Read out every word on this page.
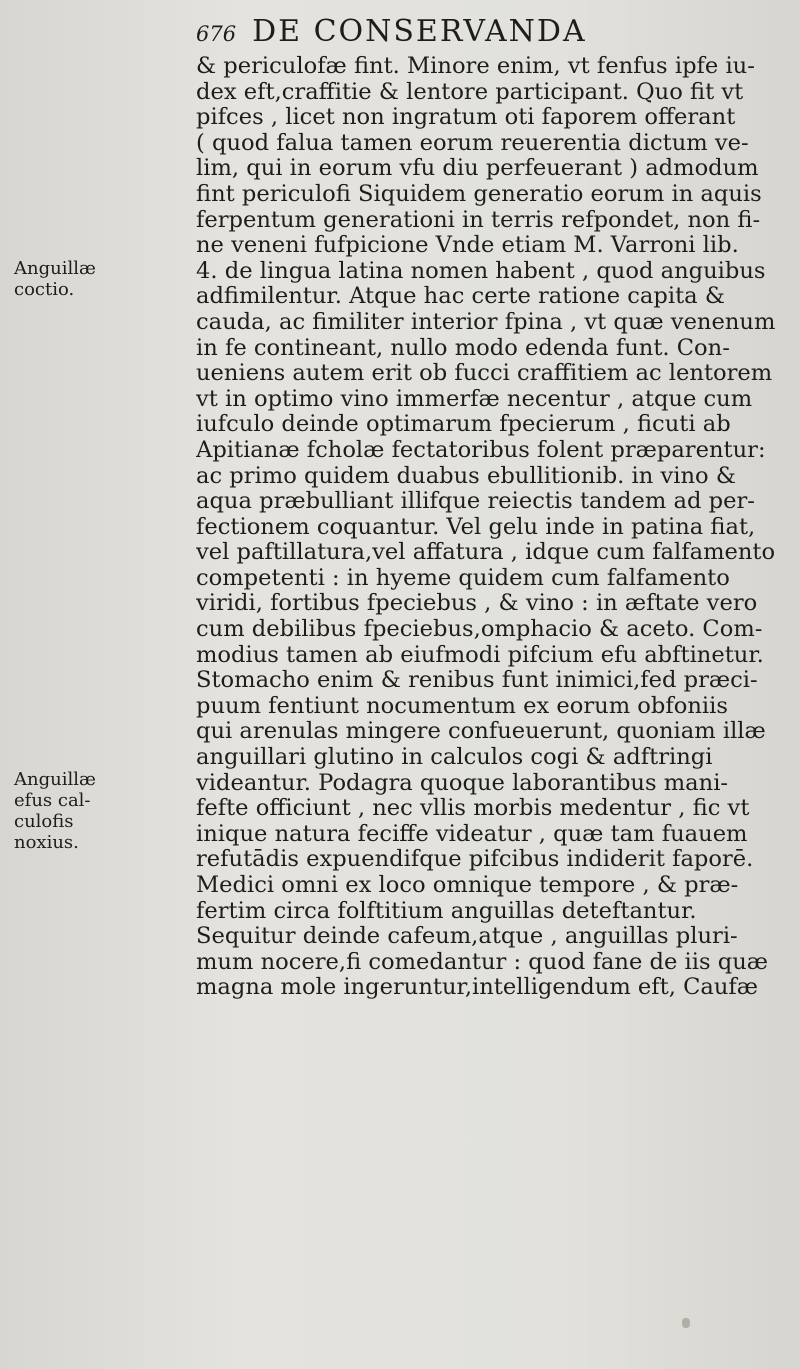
676 DE CONSERVANDA
& periculofæ fint. Minore enim, vt fenfus ipfe iu-
dex eft,craffitie & lentore participant. Quo fit vt
pifces , licet non ingratum oti faporem offerant
( quod falua tamen eorum reuerentia dictum ve-
lim, qui in eorum vfu diu perfeuerant ) admodum
fint periculofi Siquidem generatio eorum in aquis
ferpentum generationi in terris refpondet, non fi-
ne veneni fufpicione Vnde etiam M. Varroni lib.
4. de lingua latina nomen habent , quod anguibus
adfimilentur. Atque hac certe ratione capita &
cauda, ac fimiliter interior fpina , vt quæ venenum
in fe contineant, nullo modo edenda funt. Con-
ueniens autem erit ob fucci craffitiem ac lentorem
vt in optimo vino immerfæ necentur , atque cum
iufculo deinde optimarum fpecierum , ficuti ab
Apitianæ fcholæ fectatoribus folent præparentur:
ac primo quidem duabus ebullitionib. in vino &
aqua præbulliant illifque reiectis tandem ad per-
fectionem coquantur. Vel gelu inde in patina fiat,
vel paftillatura,vel affatura , idque cum falfamento
competenti : in hyeme quidem cum falfamento
viridi, fortibus fpeciebus , & vino : in æftate vero
cum debilibus fpeciebus,omphacio & aceto. Com-
modius tamen ab eiufmodi pifcium efu abftinetur.
Stomacho enim & renibus funt inimici,fed præci-
puum fentiunt nocumentum ex eorum obfoniis
qui arenulas mingere confueuerunt, quoniam illæ
anguillari glutino in calculos cogi & adftringi
videantur. Podagra quoque laborantibus mani-
fefte officiunt , nec vllis morbis medentur , fic vt
inique natura feciffe videatur , quæ tam fuauem
refutādis expuendifque pifcibus indiderit faporē.
Medici omni ex loco omnique tempore , & præ-
fertim circa folftitium anguillas deteftantur.
Sequitur deinde cafeum,atque , anguillas pluri-
mum nocere,fi comedantur : quod fane de iis quæ
magna mole ingeruntur,intelligendum eft, Caufæ
Anguillæ
coctio.
Anguillæ
efus cal-
culofis
noxius.
